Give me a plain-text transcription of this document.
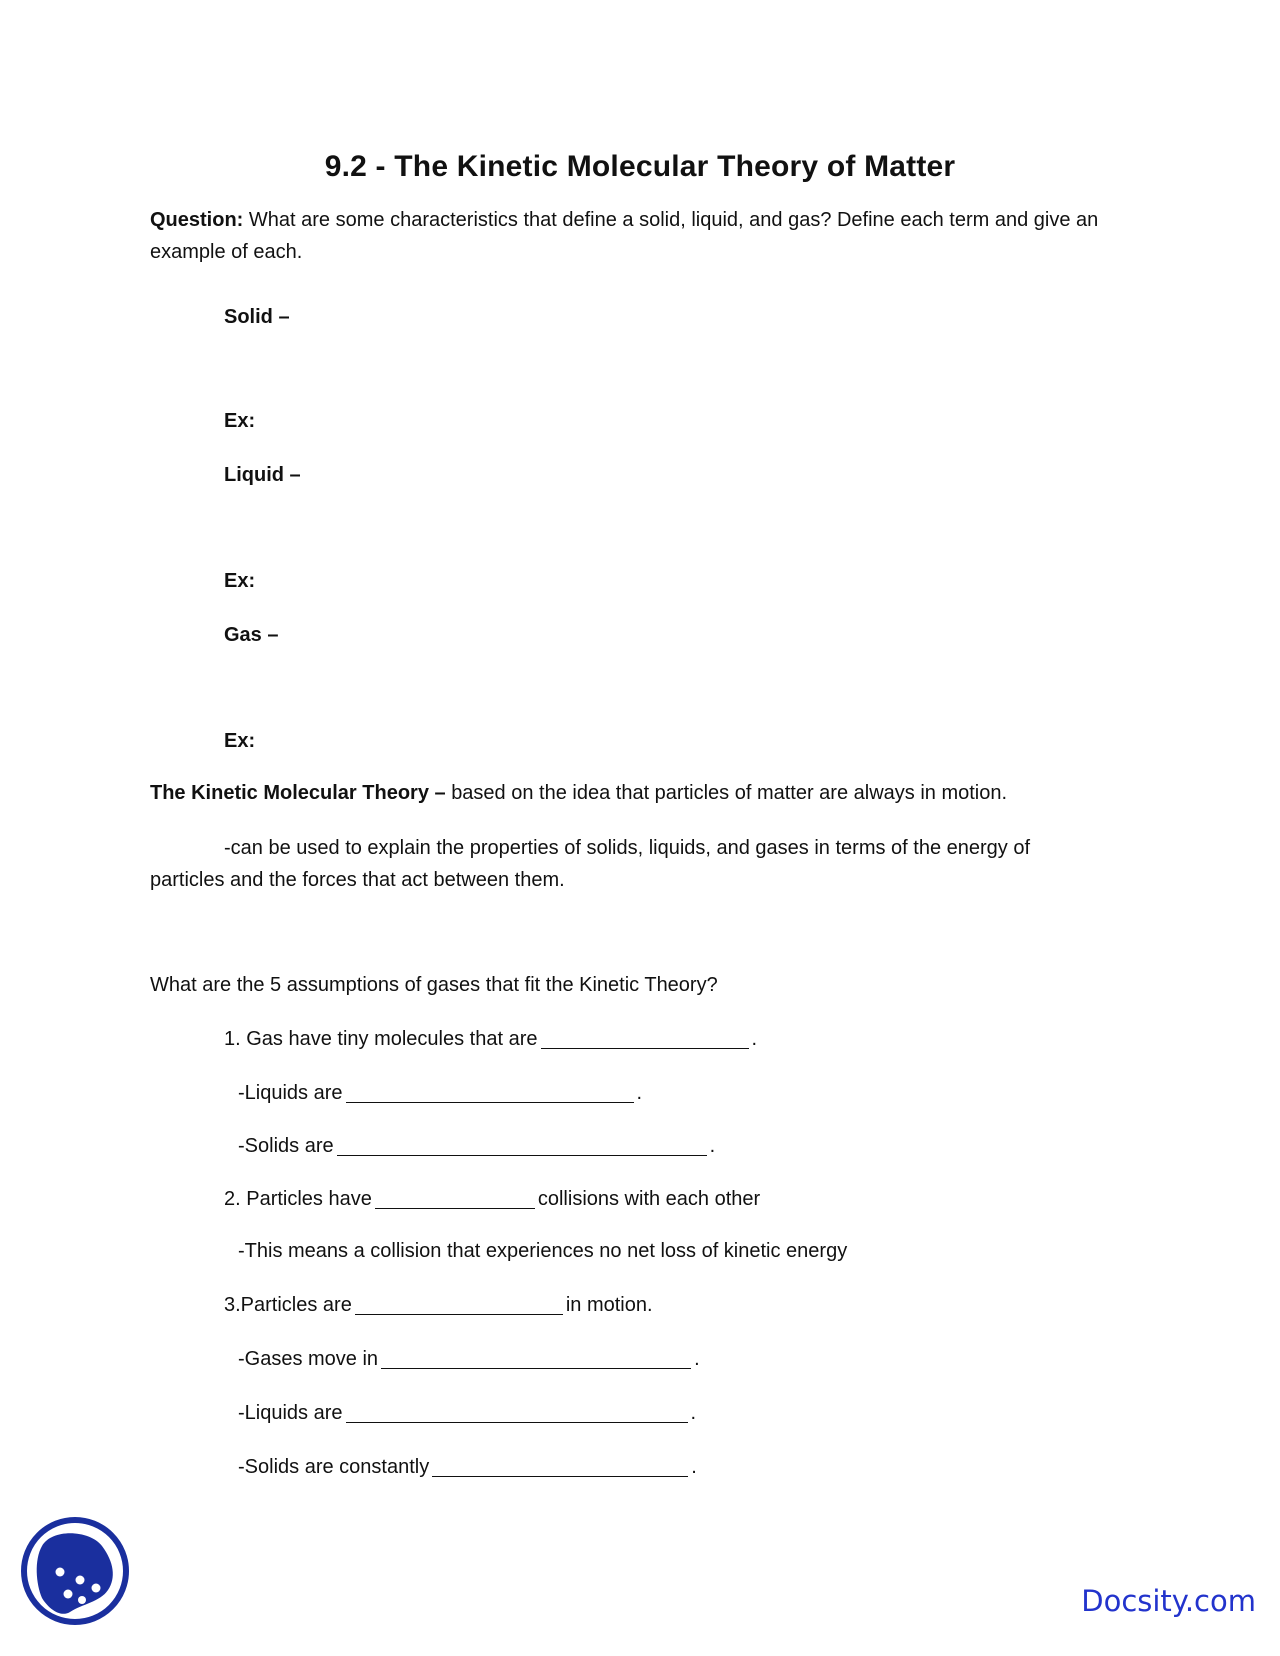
9.2 - The Kinetic Molecular Theory of Matter
Question: What are some characteristics that define a solid, liquid, and gas? Define each term and give an example of each.
Solid –
Ex:
Liquid –
Ex:
Gas –
Ex:
The Kinetic Molecular Theory – based on the idea that particles of matter are always in motion.
-can be used to explain the properties of solids, liquids, and gases in terms of the energy of particles and the forces that act between them.
What are the 5 assumptions of gases that fit the Kinetic Theory?
1. Gas have tiny molecules that are	.
-Liquids are	.
-Solids are	.
2. Particles have	collisions with each other
-This means a collision that experiences no net loss of kinetic energy
3.Particles are	in motion.
-Gases move in	.
-Liquids are	.
-Solids are constantly	.
Docsity.com
